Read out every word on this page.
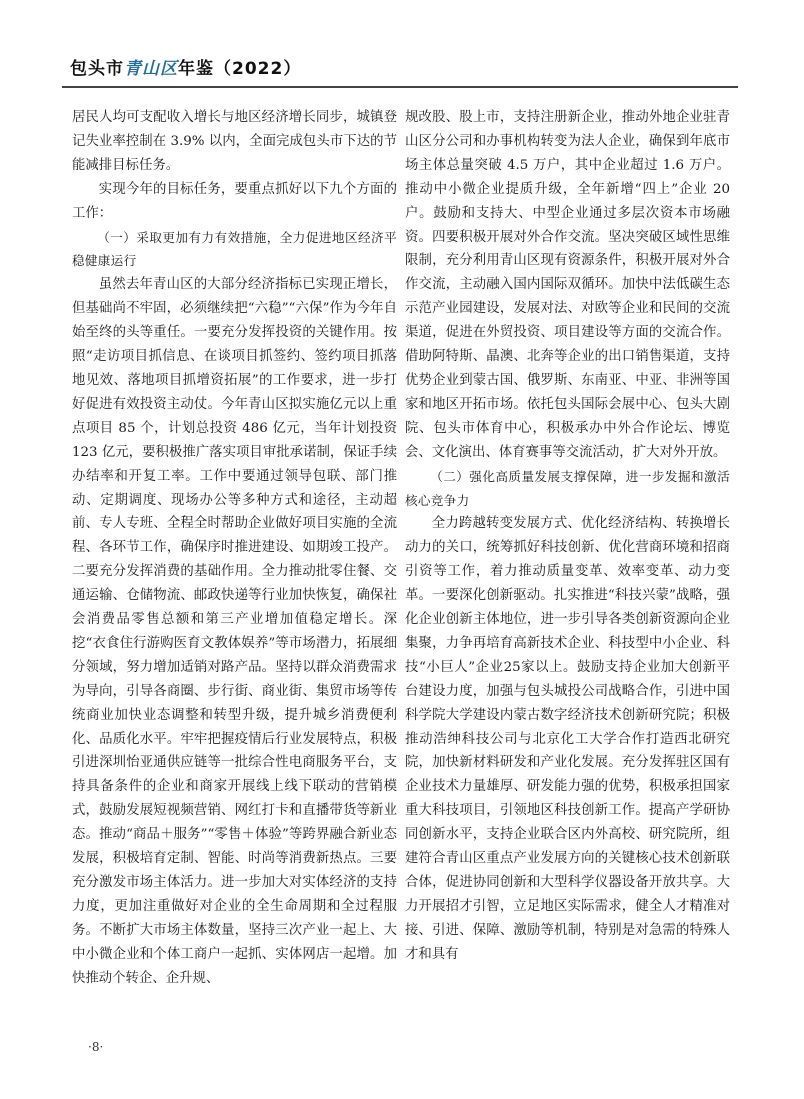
包头市青山区年鉴（2022）

居民人均可支配收入增长与地区经济增长同步，城镇登记失业率控制在 3.9% 以内，全面完成包头市下达的节能减排目标任务。

实现今年的目标任务，要重点抓好以下九个方面的工作：

（一）采取更加有力有效措施，全力促进地区经济平稳健康运行

虽然去年青山区的大部分经济指标已实现正增长，但基础尚不牢固，必须继续把“六稳”“六保”作为今年自始至终的头等重任。一要充分发挥投资的关键作用。按照“走访项目抓信息、在谈项目抓签约、签约项目抓落地见效、落地项目抓增资拓展”的工作要求，进一步打好促进有效投资主动仗。今年青山区拟实施亿元以上重点项目 85 个，计划总投资 486 亿元，当年计划投资 123 亿元，要积极推广落实项目审批承诺制，保证手续办结率和开复工率。工作中要通过领导包联、部门推动、定期调度、现场办公等多种方式和途径，主动超前、专人专班、全程全时帮助企业做好项目实施的全流程、各环节工作，确保序时推进建设、如期竣工投产。二要充分发挥消费的基础作用。全力推动批零住餐、交通运输、仓储物流、邮政快递等行业加快恢复，确保社会消费品零售总额和第三产业增加值稳定增长。深挖“衣食住行游购医育文教体娱养”等市场潜力，拓展细分领域，努力增加适销对路产品。坚持以群众消费需求为导向，引导各商圈、步行街、商业街、集贸市场等传统商业加快业态调整和转型升级，提升城乡消费便利化、品质化水平。牢牢把握疫情后行业发展特点，积极引进深圳怡亚通供应链等一批综合性电商服务平台，支持具备条件的企业和商家开展线上线下联动的营销模式，鼓励发展短视频营销、网红打卡和直播带货等新业态。推动“商品＋服务”“零售＋体验”等跨界融合新业态发展，积极培育定制、智能、时尚等消费新热点。三要充分激发市场主体活力。进一步加大对实体经济的支持力度，更加注重做好对企业的全生命周期和全过程服务。不断扩大市场主体数量，坚持三次产业一起上、大中小微企业和个体工商户一起抓、实体网店一起增。加快推动个转企、企升规、

规改股、股上市，支持注册新企业，推动外地企业驻青山区分公司和办事机构转变为法人企业，确保到年底市场主体总量突破 4.5 万户，其中企业超过 1.6 万户。推动中小微企业提质升级，全年新增“四上”企业 20 户。鼓励和支持大、中型企业通过多层次资本市场融资。四要积极开展对外合作交流。坚决突破区域性思维限制，充分利用青山区现有资源条件，积极开展对外合作交流，主动融入国内国际双循环。加快中法低碳生态示范产业园建设，发展对法、对欧等企业和民间的交流渠道，促进在外贸投资、项目建设等方面的交流合作。借助阿特斯、晶澳、北奔等企业的出口销售渠道，支持优势企业到蒙古国、俄罗斯、东南亚、中亚、非洲等国家和地区开拓市场。依托包头国际会展中心、包头大剧院、包头市体育中心，积极承办中外合作论坛、博览会、文化演出、体育赛事等交流活动，扩大对外开放。

（二）强化高质量发展支撑保障，进一步发掘和激活核心竞争力

全力跨越转变发展方式、优化经济结构、转换增长动力的关口，统筹抓好科技创新、优化营商环境和招商引资等工作，着力推动质量变革、效率变革、动力变革。一要深化创新驱动。扎实推进“科技兴蒙”战略，强化企业创新主体地位，进一步引导各类创新资源向企业集聚，力争再培育高新技术企业、科技型中小企业、科技“小巨人”企业25家以上。鼓励支持企业加大创新平台建设力度，加强与包头城投公司战略合作，引进中国科学院大学建设内蒙古数字经济技术创新研究院；积极推动浩绅科技公司与北京化工大学合作打造西北研究院，加快新材料研发和产业化发展。充分发挥驻区国有企业技术力量雄厚、研发能力强的优势，积极承担国家重大科技项目，引领地区科技创新工作。提高产学研协同创新水平，支持企业联合区内外高校、研究院所，组建符合青山区重点产业发展方向的关键核心技术创新联合体，促进协同创新和大型科学仪器设备开放共享。大力开展招才引智，立足地区实际需求，健全人才精准对接、引进、保障、激励等机制，特别是对急需的特殊人才和具有

·8·
